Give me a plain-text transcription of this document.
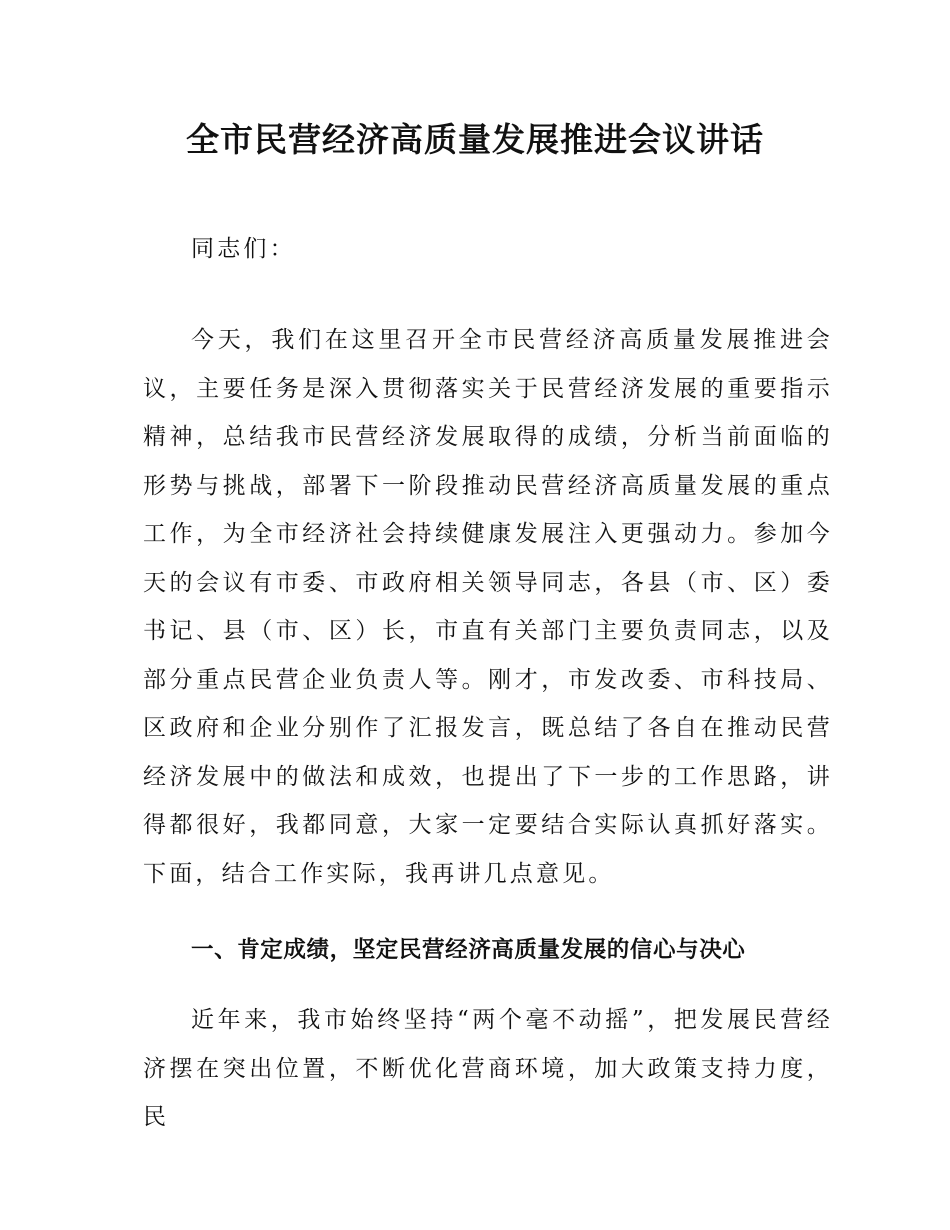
全市民营经济高质量发展推进会议讲话

同志们：

今天，我们在这里召开全市民营经济高质量发展推进会议，主要任务是深入贯彻落实关于民营经济发展的重要指示精神，总结我市民营经济发展取得的成绩，分析当前面临的形势与挑战，部署下一阶段推动民营经济高质量发展的重点工作，为全市经济社会持续健康发展注入更强动力。参加今天的会议有市委、市政府相关领导同志，各县（市、区）委书记、县（市、区）长，市直有关部门主要负责同志，以及部分重点民营企业负责人等。刚才，市发改委、市科技局、区政府和企业分别作了汇报发言，既总结了各自在推动民营经济发展中的做法和成效，也提出了下一步的工作思路，讲得都很好，我都同意，大家一定要结合实际认真抓好落实。下面，结合工作实际，我再讲几点意见。

一、肯定成绩，坚定民营经济高质量发展的信心与决心

近年来，我市始终坚持“两个毫不动摇”，把发展民营经济摆在突出位置，不断优化营商环境，加大政策支持力度，民
